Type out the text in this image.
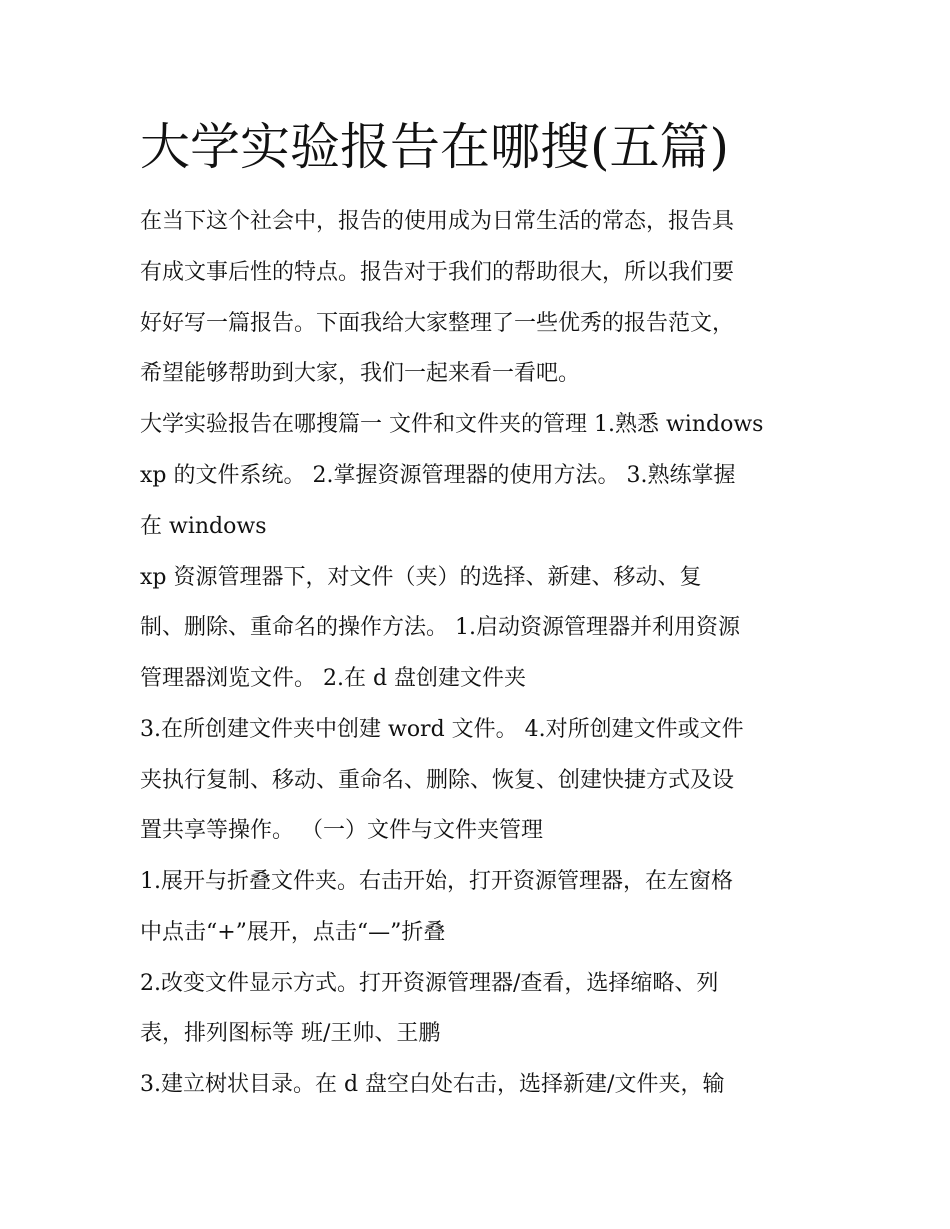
大学实验报告在哪搜(五篇)

在当下这个社会中，报告的使用成为日常生活的常态，报告具

有成文事后性的特点。报告对于我们的帮助很大，所以我们要

好好写一篇报告。下面我给大家整理了一些优秀的报告范文，

希望能够帮助到大家，我们一起来看一看吧。

大学实验报告在哪搜篇一 文件和文件夹的管理 1.熟悉 windows

xp 的文件系统。 2.掌握资源管理器的使用方法。 3.熟练掌握

在 windows

xp 资源管理器下，对文件（夹）的选择、新建、移动、复

制、删除、重命名的操作方法。 1.启动资源管理器并利用资源

管理器浏览文件。 2.在 d 盘创建文件夹

3.在所创建文件夹中创建 word 文件。 4.对所创建文件或文件

夹执行复制、移动、重命名、删除、恢复、创建快捷方式及设

置共享等操作。 （一）文件与文件夹管理

1.展开与折叠文件夹。右击开始，打开资源管理器，在左窗格

中点击“+”展开，点击“—”折叠

2.改变文件显示方式。打开资源管理器/查看，选择缩略、列

表，排列图标等 班/王帅、王鹏

3.建立树状目录。在 d 盘空白处右击，选择新建/文件夹，输
